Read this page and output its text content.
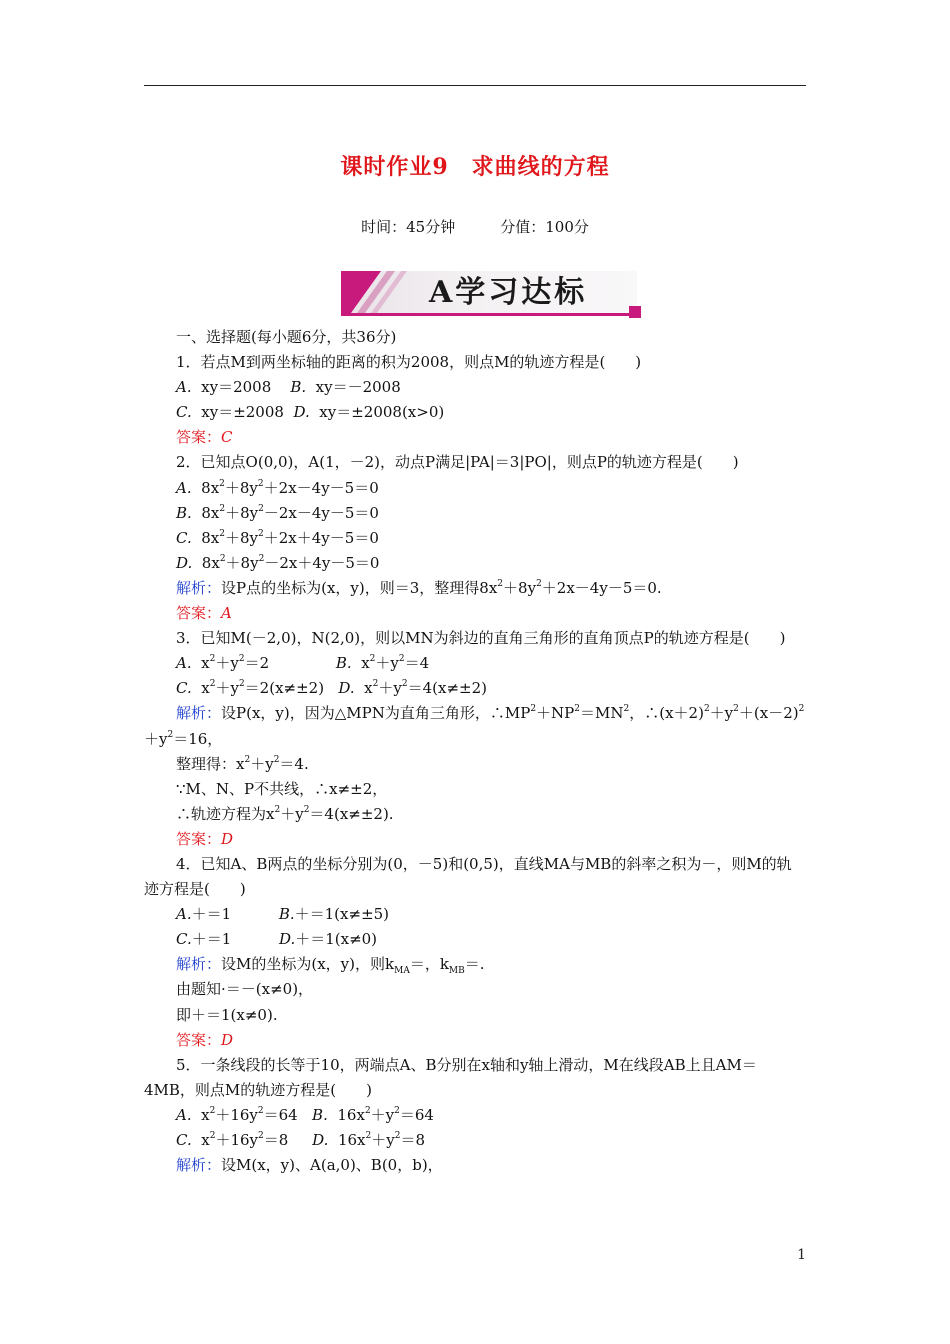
课时作业9　求曲线的方程
时间：45分钟　　　分值：100分
A学习达标
一、选择题(每小题6分，共36分)
1．若点M到两坐标轴的距离的积为2008，则点M的轨迹方程是(　　)
A.  xy＝2008    B.  xy＝－2008
C.  xy＝±2008  D.  xy＝±2008(x>0)
答案：C
2．已知点O(0,0)，A(1，－2)，动点P满足|PA|＝3|PO|，则点P的轨迹方程是(　　)
A.  $8x^2+8y^2+2x-4y-5=0$
B.  $8x^2+8y^2-2x-4y-5=0$
C.  $8x^2+8y^2+2x+4y-5=0$
D.  $8x^2+8y^2-2x+4y-5=0$
解析：设P点的坐标为(x，y)，则＝3，整理得$8x^2+8y^2+2x-4y-5=0$.
答案：A
3．已知M(－2,0)，N(2,0)，则以MN为斜边的直角三角形的直角顶点P的轨迹方程是(　　)
A.  $x^2+y^2=2$              B.  $x^2+y^2=4$
C.  $x^2+y^2=2(x\ne\pm 2)$   D.  $x^2+y^2=4(x\ne\pm 2)$
解析：设P(x，y)，因为△MPN为直角三角形，$\therefore MP^2+NP^2=MN^2$，$\therefore(x+2)^2+y^2+(x-2)^2+y^2=16$，
整理得：$x^2+y^2=4$.
∵M、N、P不共线，∴x≠±2，
∴轨迹方程为$x^2+y^2=4(x\ne\pm 2)$.
答案：D
4．已知A、B两点的坐标分别为(0，－5)和(0,5)，直线MA与MB的斜率之积为－，则M的轨迹方程是(　　)
A.＋＝1          B.＋＝1(x≠±5)
C.＋＝1          D.＋＝1(x≠0)
解析：设M的坐标为(x，y)，则$k_{MA}=$，$k_{MB}=$.
由题知·＝－(x≠0)，
即＋＝1(x≠0).
答案：D
5．一条线段的长等于10，两端点A、B分别在x轴和y轴上滑动，M在线段AB上且AM＝4MB，则点M的轨迹方程是(　　)
A.  $x^2+16y^2=64$   B.  $16x^2+y^2=64$
C.  $x^2+16y^2=8$     D.  $16x^2+y^2=8$
解析：设M(x，y)、A(a,0)、B(0，b)，
1
